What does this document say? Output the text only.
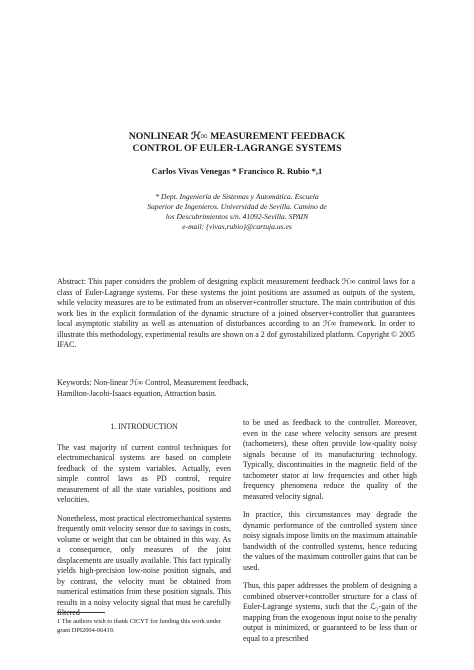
NONLINEAR ℋ∞ MEASUREMENT FEEDBACK
CONTROL OF EULER-LAGRANGE SYSTEMS
Carlos Vivas Venegas * Francisco R. Rubio *,1
* Dept. Ingeniería de Sistemas y Automática. Escuela
Superior de Ingenieros. Universidad de Sevilla. Camino de
los Descubrimientos s/n. 41092-Sevilla. SPAIN
e-mail: {vivas,rubio}@cartuja.us.es
Abstract: This paper considers the problem of designing explicit measurement feedback ℋ∞ control laws for a class of Euler-Lagrange systems. For these systems the joint positions are assumed as outputs of the system, while velocity measures are to be estimated from an observer+controller structure. The main contribution of this work lies in the explicit formulation of the dynamic structure of a joined observer+controller that guarantees local asymptotic stability as well as attenuation of disturbances according to an ℋ∞ framework. In order to illustrate this methodology, experimental results are shown on a 2 dof gyrostabilized platform. Copyright © 2005 IFAC.
Keywords: Non-linear ℋ∞ Control, Measurement feedback,
Hamilton-Jacobi-Isaacs equation, Attraction basin.
1. INTRODUCTION

The vast majority of current control techniques for electromechanical systems are based on complete feedback of the system variables. Actually, even simple control laws as PD control, require measurement of all the state variables, positions and velocities.

Nonetheless, most practical electromechanical systems frequently omit velocity sensor due to savings in costs, volume or weight that can be obtained in this way. As a consequence, only measures of the joint displacements are usually available. This fact typically yields high-precision low-noise position signals, and by contrast, the velocity must be obtained from numerical estimation from these position signals. This results in a noisy velocity signal that must be carefully filtered

to be used as feedback to the controller. Moreover, even in the case where velocity sensors are present (tachometers), these often provide low-quality noisy signals because of its manufacturing technology. Typically, discontinuities in the magnetic field of the tachometer stator at low frequencies and other high frequency phenomena reduce the quality of the measured velocity signal.

In practice, this circumstances may degrade the dynamic performance of the controlled system since noisy signals impose limits on the maximum attainable bandwidth of the controlled systems, hence reducing the values of the maximum controller gains that can be used.

Thus, this paper addresses the problem of designing a combined observer+controller structure for a class of Euler-Lagrange systems, such that the ℒ₂-gain of the mapping from the exogenous input noise to the penalty output is minimized, or guaranteed to be less than or equal to a prescribed

1 The authors wish to thank CICYT for funding this work under grant DPI2004-06419.
